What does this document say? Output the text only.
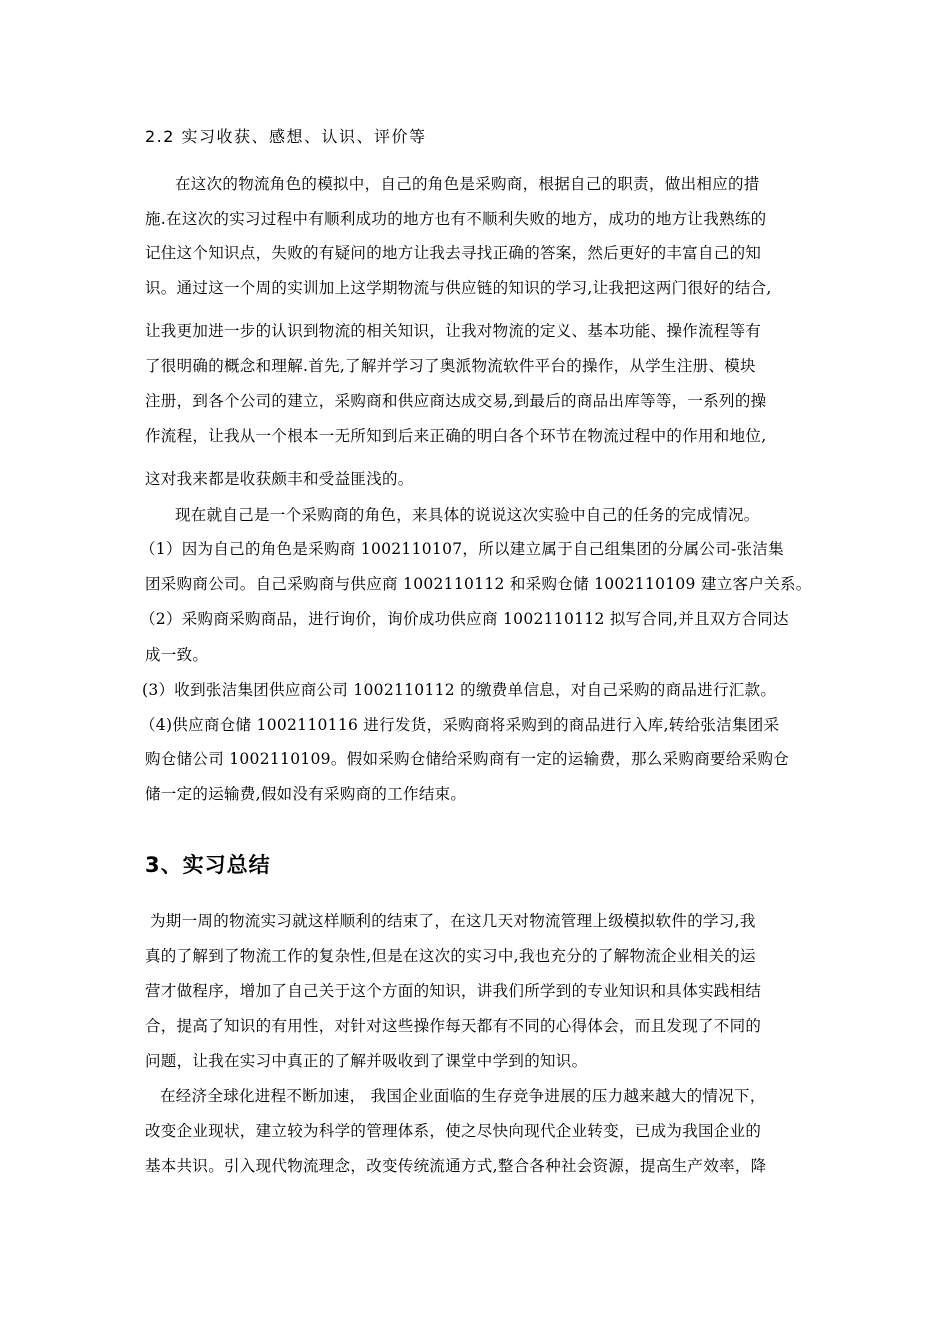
2.2 实习收获、感想、认识、评价等
在这次的物流角色的模拟中，自己的角色是采购商，根据自己的职责，做出相应的措
施.在这次的实习过程中有顺利成功的地方也有不顺利失败的地方，成功的地方让我熟练的
记住这个知识点，失败的有疑问的地方让我去寻找正确的答案，然后更好的丰富自己的知
识。通过这一个周的实训加上这学期物流与供应链的知识的学习,让我把这两门很好的结合,
让我更加进一步的认识到物流的相关知识，让我对物流的定义、基本功能、操作流程等有
了很明确的概念和理解.首先,了解并学习了奥派物流软件平台的操作，从学生注册、模块
注册，到各个公司的建立，采购商和供应商达成交易,到最后的商品出库等等，一系列的操
作流程，让我从一个根本一无所知到后来正确的明白各个环节在物流过程中的作用和地位,
这对我来都是收获颇丰和受益匪浅的。
现在就自己是一个采购商的角色，来具体的说说这次实验中自己的任务的完成情况。
（1）因为自己的角色是采购商 1002110107，所以建立属于自己组集团的分属公司-张洁集
团采购商公司。自己采购商与供应商 1002110112 和采购仓储 1002110109 建立客户关系。
（2）采购商采购商品，进行询价，询价成功供应商 1002110112 拟写合同,并且双方合同达
成一致。
(3）收到张洁集团供应商公司 1002110112 的缴费单信息，对自己采购的商品进行汇款。
（4)供应商仓储 1002110116 进行发货，采购商将采购到的商品进行入库,转给张洁集团采
购仓储公司 1002110109。假如采购仓储给采购商有一定的运输费，那么采购商要给采购仓
储一定的运输费,假如没有采购商的工作结束。
3、实习总结
为期一周的物流实习就这样顺利的结束了，在这几天对物流管理上级模拟软件的学习,我
真的了解到了物流工作的复杂性,但是在这次的实习中,我也充分的了解物流企业相关的运
营才做程序，增加了自己关于这个方面的知识，讲我们所学到的专业知识和具体实践相结
合，提高了知识的有用性，对针对这些操作每天都有不同的心得体会，而且发现了不同的
问题，让我在实习中真正的了解并吸收到了课堂中学到的知识。
在经济全球化进程不断加速， 我国企业面临的生存竞争进展的压力越来越大的情况下，
改变企业现状，建立较为科学的管理体系，使之尽快向现代企业转变，已成为我国企业的
基本共识。引入现代物流理念，改变传统流通方式,整合各种社会资源，提高生产效率，降
